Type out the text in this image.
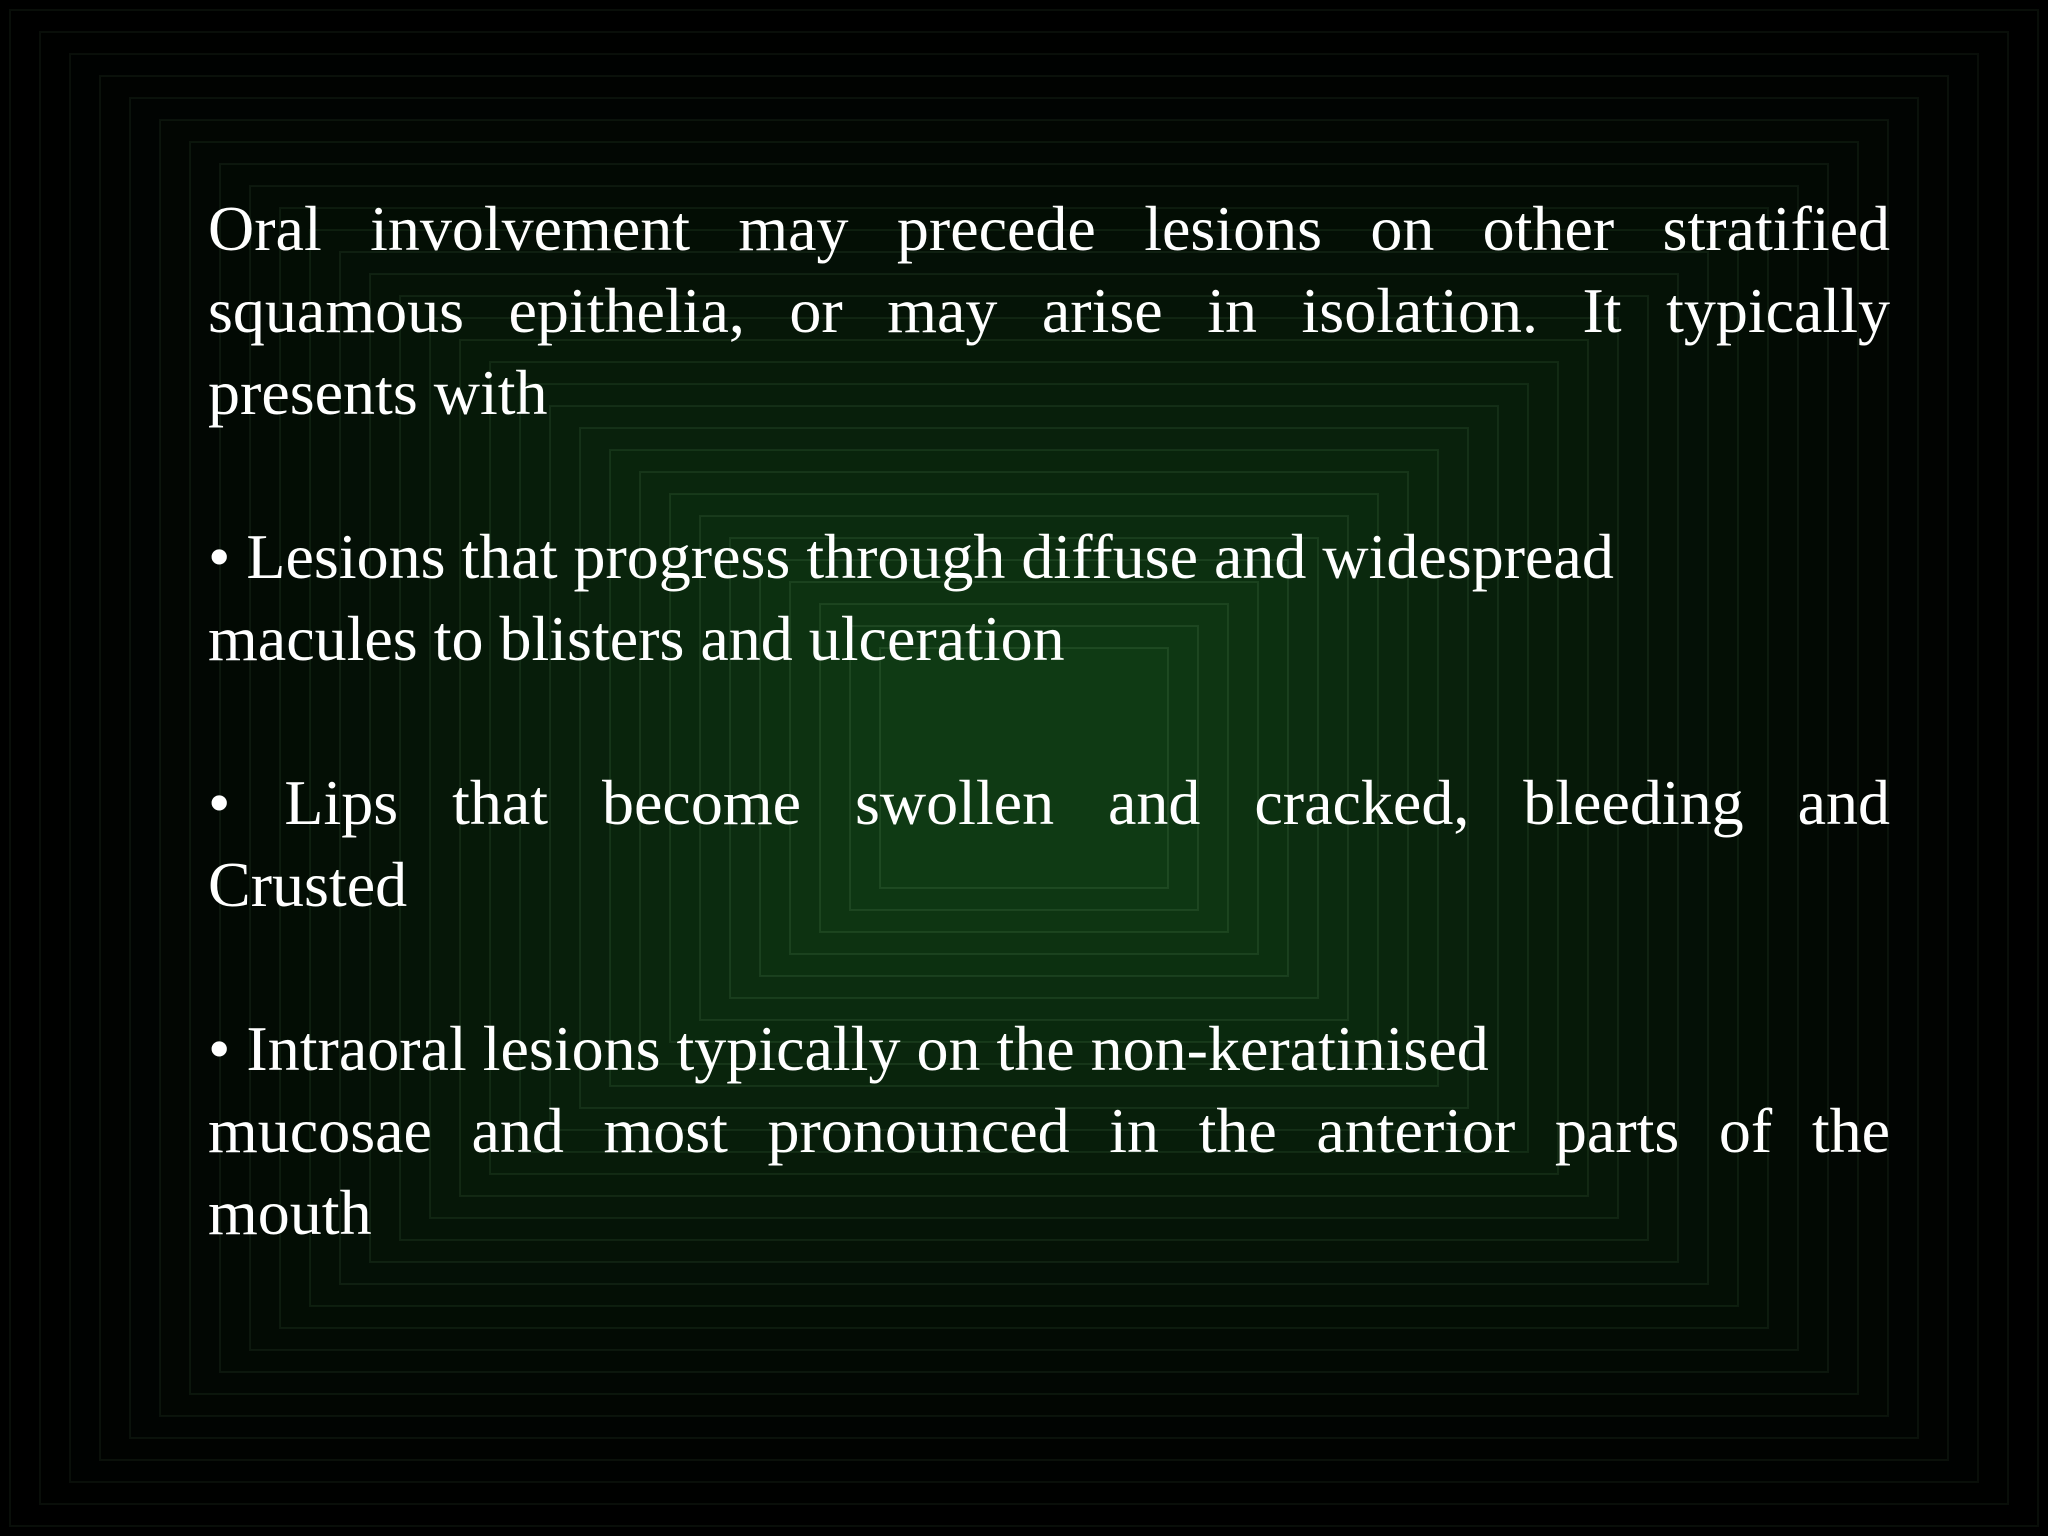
Oral involvement may precede lesions on other stratified
squamous epithelia, or may arise in isolation. It typically
presents with

• Lesions that progress through diffuse and widespread
macules to blisters and ulceration

• Lips that become swollen and cracked, bleeding and
Crusted

• Intraoral lesions typically on the non-keratinised
mucosae and most pronounced in the anterior parts of the
mouth
